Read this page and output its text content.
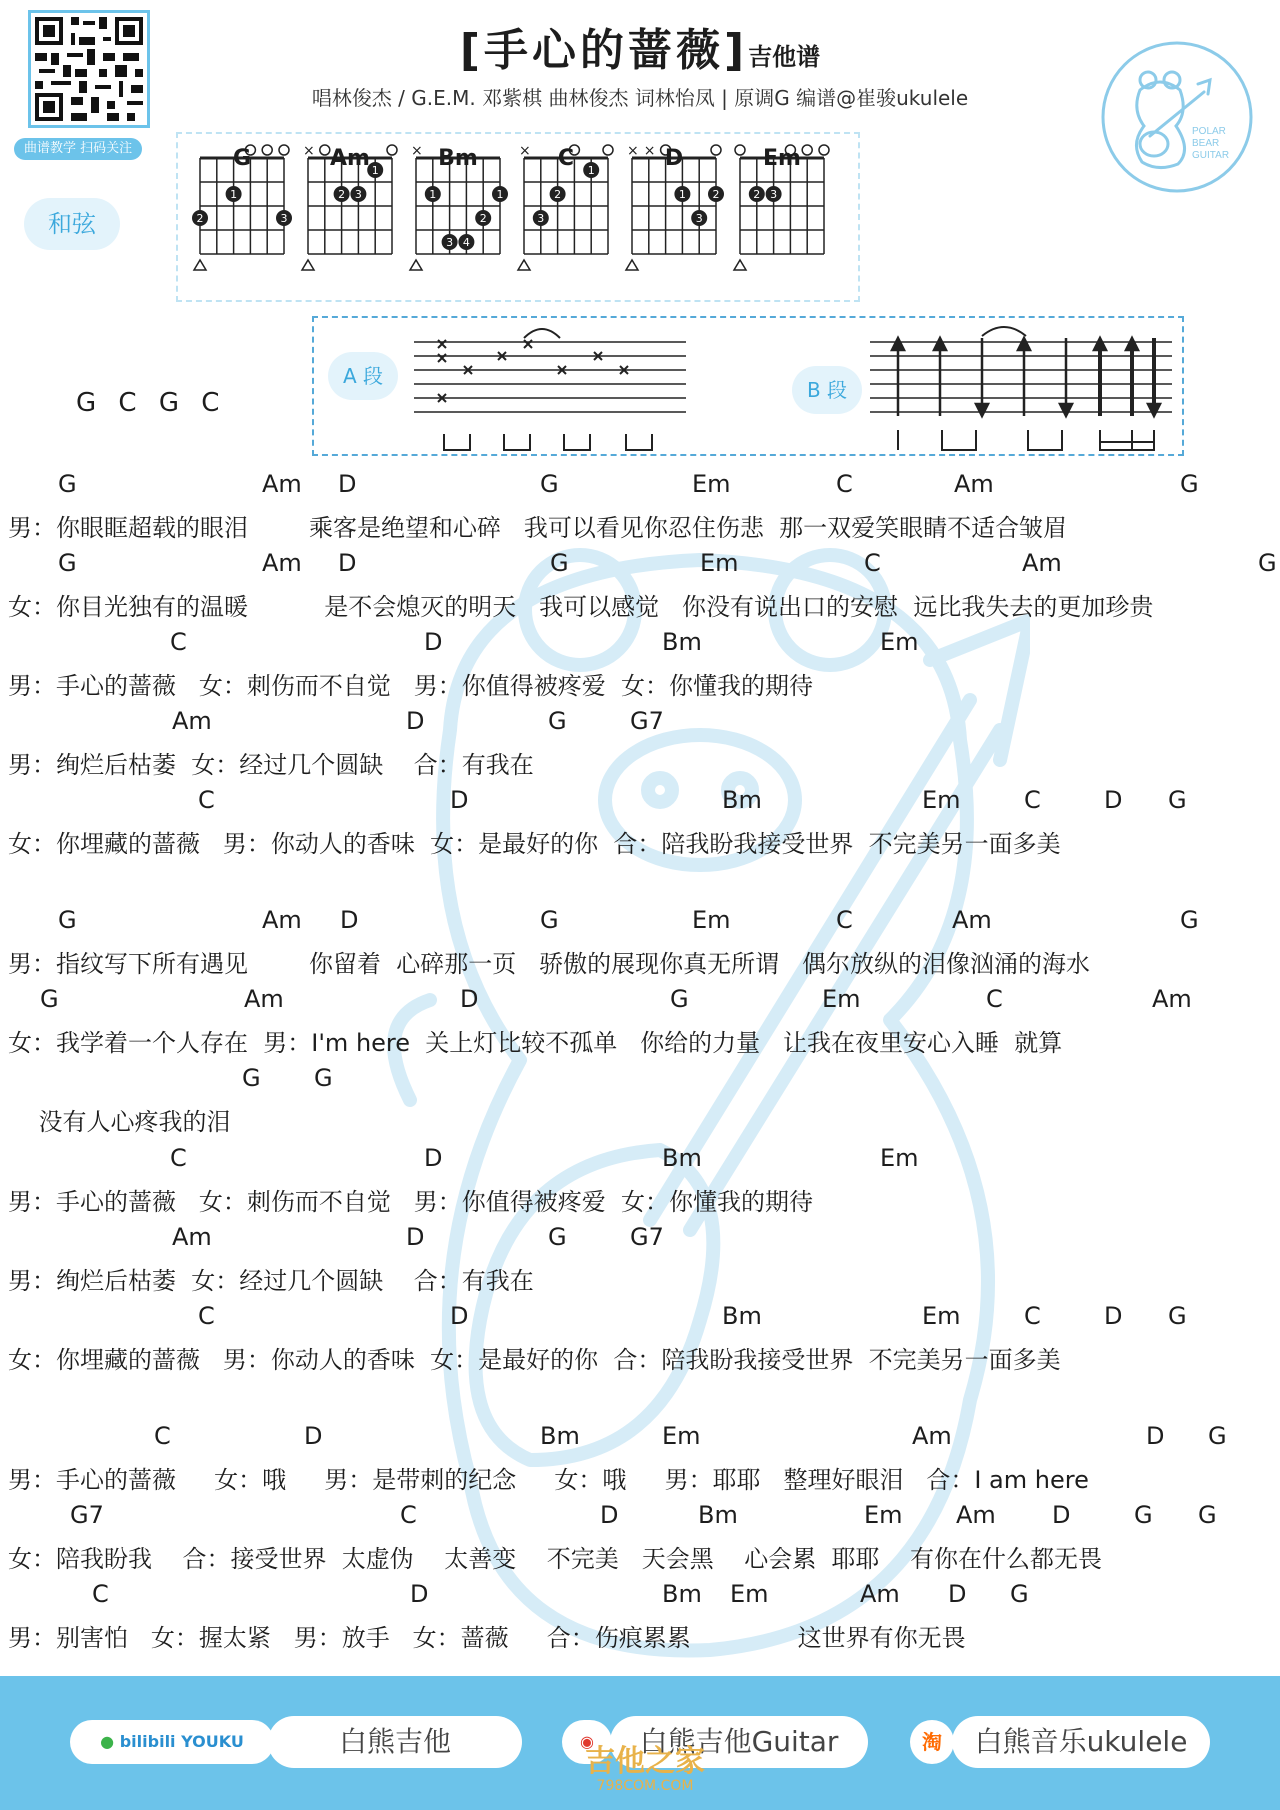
曲谱教学 扫码关注
[手心的蔷薇]吉他谱
唱林俊杰 / G.E.M. 邓紫棋 曲林俊杰 词林怡凤 | 原调G 编谱@崔骏ukulele
POLAR
BEAR
GUITAR
和弦
1
2	3
×
1
2 3
×
1	1
2
3 4
×
1
2
3
× ×
1 2
3
2 3
G	Am	Bm	C	D	Em
A 段
B 段
G C G C
G	Am D	G	Em	C	Am	G
男：你眼眶超载的眼泪        乘客是绝望和心碎   我可以看见你忍住伤悲  那一双爱笑眼睛不适合皱眉
G	Am D	G	Em	C	Am	G
女：你目光独有的温暖          是不会熄灭的明天   我可以感觉   你没有说出口的安慰  远比我失去的更加珍贵
C	D	Bm	Em
男：手心的蔷薇   女：刺伤而不自觉   男：你值得被疼爱  女：你懂我的期待
Am	D	G	G7
男：绚烂后枯萎  女：经过几个圆缺    合：有我在
C	D	Bm	Em	C	D G
女：你埋藏的蔷薇   男：你动人的香味  女：是最好的你  合：陪我盼我接受世界  不完美另一面多美
G	Am D	G	Em	C	Am	G
男：指纹写下所有遇见        你留着  心碎那一页   骄傲的展现你真无所谓   偶尔放纵的泪像汹涌的海水
G	Am	D	G	Em	C	Am
女：我学着一个人存在  男：I'm here  关上灯比较不孤单   你给的力量   让我在夜里安心入睡  就算
G G
没有人心疼我的泪
C	D	Bm	Em
男：手心的蔷薇   女：刺伤而不自觉   男：你值得被疼爱  女：你懂我的期待
Am	D	G	G7
男：绚烂后枯萎  女：经过几个圆缺    合：有我在
C	D	Bm	Em	C	D G
女：你埋藏的蔷薇   男：你动人的香味  女：是最好的你  合：陪我盼我接受世界  不完美另一面多美
C	D	Bm	Em	Am	D G
男：手心的蔷薇     女：哦     男：是带刺的纪念     女：哦     男：耶耶   整理好眼泪   合：I am here
G7	C	D	Bm	Em Am D	G G
女：陪我盼我    合：接受世界  太虚伪    太善变    不完美   天会黑    心会累  耶耶    有你在什么都无畏
C	D	Bm Em	Am D G
男：别害怕   女：握太紧   男：放手   女：蔷薇     合：伤痕累累              这世界有你无畏
● bilibili YOUKU	白熊吉他	◉	白熊吉他Guitar	淘	白熊音乐ukulele
吉他之家
798COM.COM
